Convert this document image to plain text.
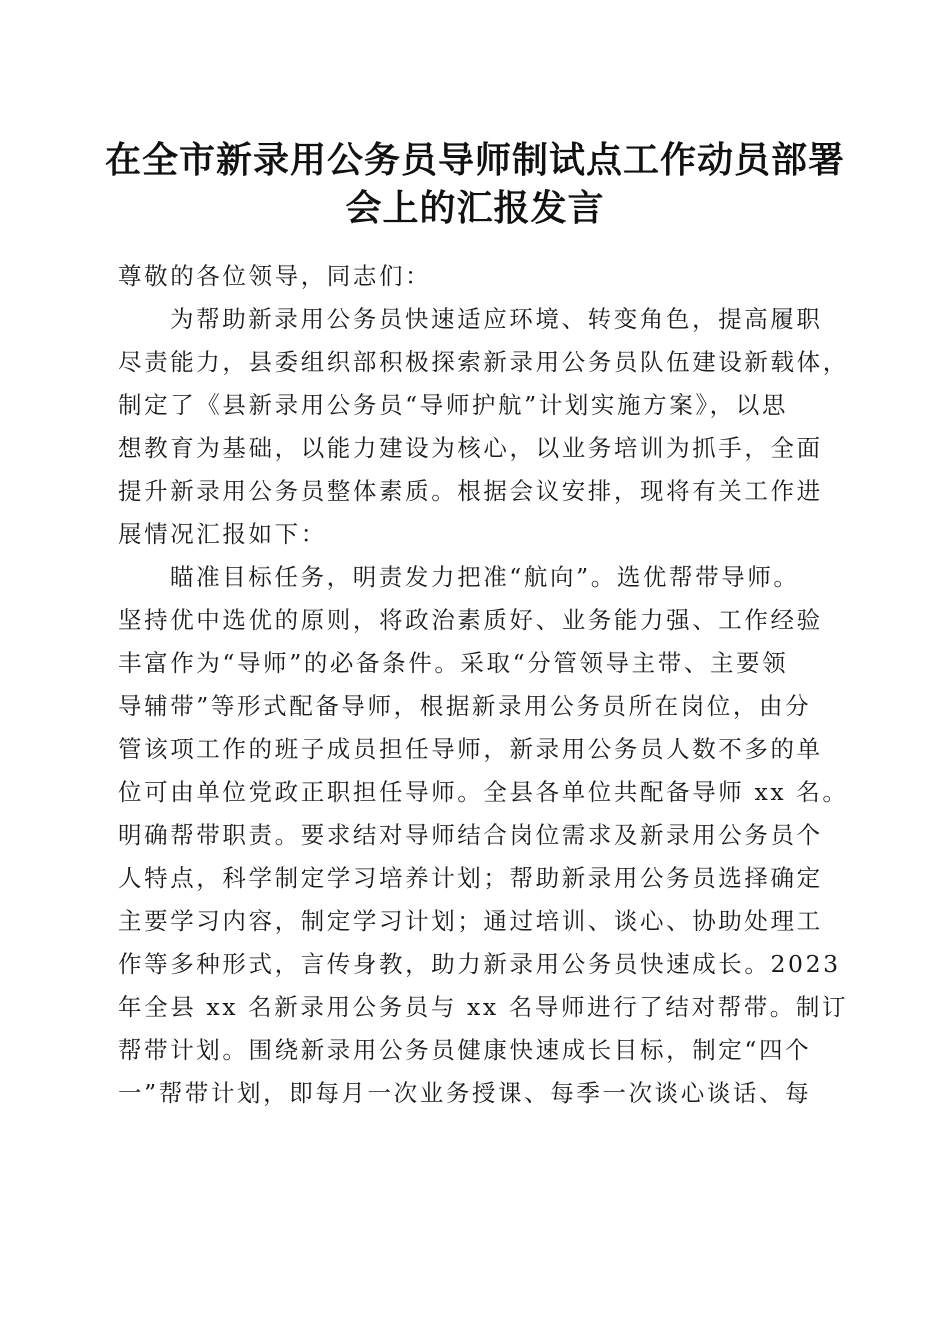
在全市新录用公务员导师制试点工作动员部署
会上的汇报发言
尊敬的各位领导，同志们：
为帮助新录用公务员快速适应环境、转变角色，提高履职
尽责能力，县委组织部积极探索新录用公务员队伍建设新载体，
制定了《县新录用公务员“导师护航”计划实施方案》，以思
想教育为基础，以能力建设为核心，以业务培训为抓手，全面
提升新录用公务员整体素质。根据会议安排，现将有关工作进
展情况汇报如下：
瞄准目标任务，明责发力把准“航向”。选优帮带导师。
坚持优中选优的原则，将政治素质好、业务能力强、工作经验
丰富作为“导师”的必备条件。采取“分管领导主带、主要领
导辅带”等形式配备导师，根据新录用公务员所在岗位，由分
管该项工作的班子成员担任导师，新录用公务员人数不多的单
位可由单位党政正职担任导师。全县各单位共配备导师 xx 名。
明确帮带职责。要求结对导师结合岗位需求及新录用公务员个
人特点，科学制定学习培养计划；帮助新录用公务员选择确定
主要学习内容，制定学习计划；通过培训、谈心、协助处理工
作等多种形式，言传身教，助力新录用公务员快速成长。2023
年全县 xx 名新录用公务员与 xx 名导师进行了结对帮带。制订
帮带计划。围绕新录用公务员健康快速成长目标，制定“四个
一”帮带计划，即每月一次业务授课、每季一次谈心谈话、每
